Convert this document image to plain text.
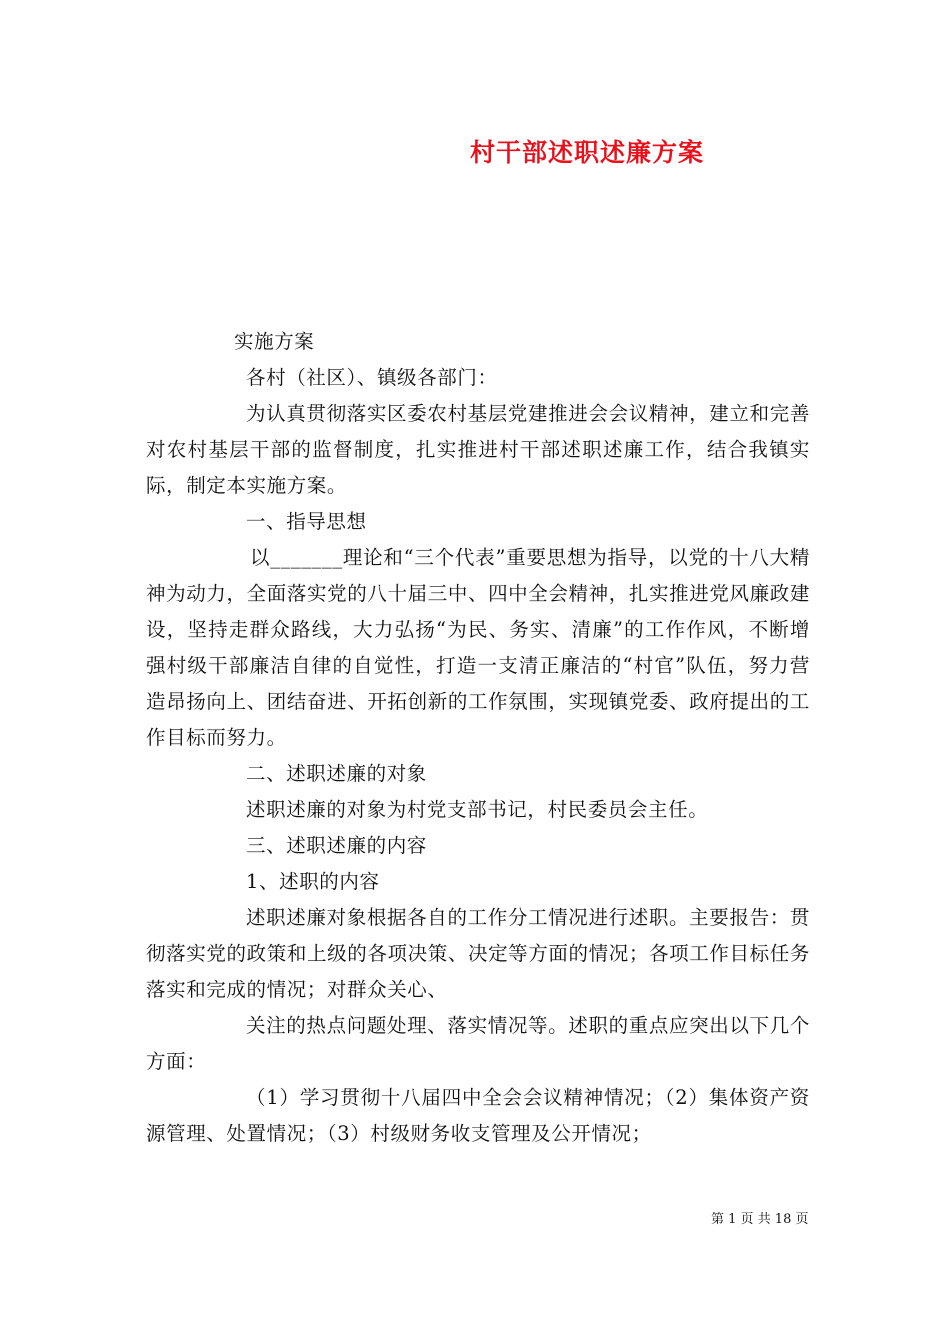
村干部述职述廉方案

实施方案

各村（社区）、镇级各部门：

为认真贯彻落实区委农村基层党建推进会会议精神，建立和完善对农村基层干部的监督制度，扎实推进村干部述职述廉工作，结合我镇实际，制定本实施方案。

一、指导思想

以_______理论和“三个代表”重要思想为指导，以党的十八大精神为动力，全面落实党的八十届三中、四中全会精神，扎实推进党风廉政建设，坚持走群众路线，大力弘扬“为民、务实、清廉”的工作作风，不断增强村级干部廉洁自律的自觉性，打造一支清正廉洁的“村官”队伍，努力营造昂扬向上、团结奋进、开拓创新的工作氛围，实现镇党委、政府提出的工作目标而努力。

二、述职述廉的对象

述职述廉的对象为村党支部书记，村民委员会主任。

三、述职述廉的内容

1、述职的内容

述职述廉对象根据各自的工作分工情况进行述职。主要报告：贯彻落实党的政策和上级的各项决策、决定等方面的情况；各项工作目标任务落实和完成的情况；对群众关心、

关注的热点问题处理、落实情况等。述职的重点应突出以下几个方面：

（1）学习贯彻十八届四中全会会议精神情况；（2）集体资产资源管理、处置情况；（3）村级财务收支管理及公开情况；

第 1 页 共 18 页
